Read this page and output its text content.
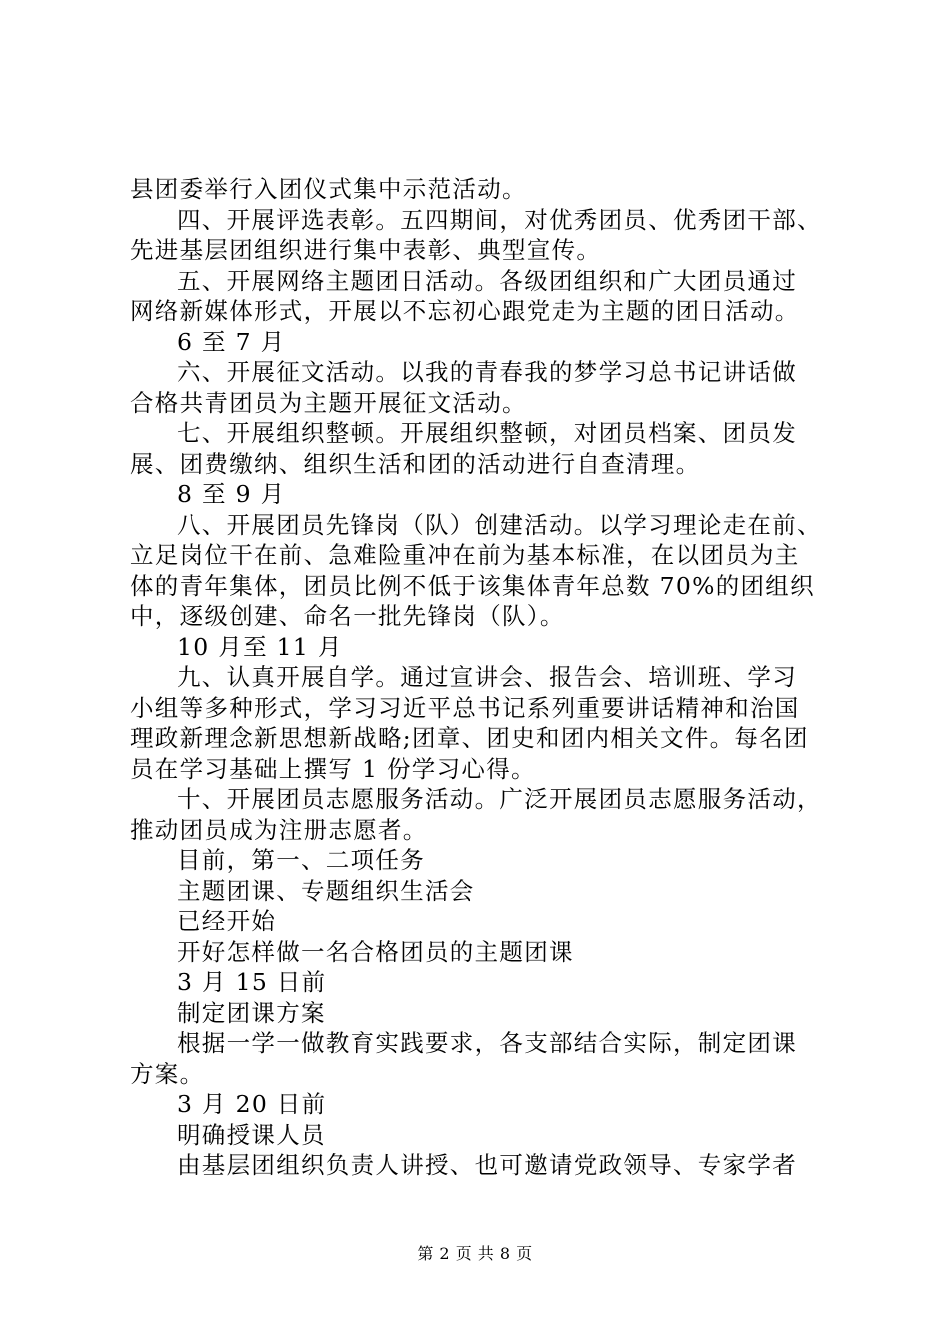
县团委举行入团仪式集中示范活动。
四、开展评选表彰。五四期间，对优秀团员、优秀团干部、
先进基层团组织进行集中表彰、典型宣传。
五、开展网络主题团日活动。各级团组织和广大团员通过
网络新媒体形式，开展以不忘初心跟党走为主题的团日活动。
6 至 7 月
六、开展征文活动。以我的青春我的梦学习总书记讲话做
合格共青团员为主题开展征文活动。
七、开展组织整顿。开展组织整顿，对团员档案、团员发
展、团费缴纳、组织生活和团的活动进行自查清理。
8 至 9 月
八、开展团员先锋岗（队）创建活动。以学习理论走在前、
立足岗位干在前、急难险重冲在前为基本标准，在以团员为主
体的青年集体，团员比例不低于该集体青年总数 70%的团组织
中，逐级创建、命名一批先锋岗（队）。
10 月至 11 月
九、认真开展自学。通过宣讲会、报告会、培训班、学习
小组等多种形式，学习习近平总书记系列重要讲话精神和治国
理政新理念新思想新战略;团章、团史和团内相关文件。每名团
员在学习基础上撰写 1 份学习心得。
十、开展团员志愿服务活动。广泛开展团员志愿服务活动，
推动团员成为注册志愿者。
目前，第一、二项任务
主题团课、专题组织生活会
已经开始
开好怎样做一名合格团员的主题团课
3 月 15 日前
制定团课方案
根据一学一做教育实践要求，各支部结合实际，制定团课
方案。
3 月 20 日前
明确授课人员
由基层团组织负责人讲授、也可邀请党政领导、专家学者
第 2 页 共 8 页
